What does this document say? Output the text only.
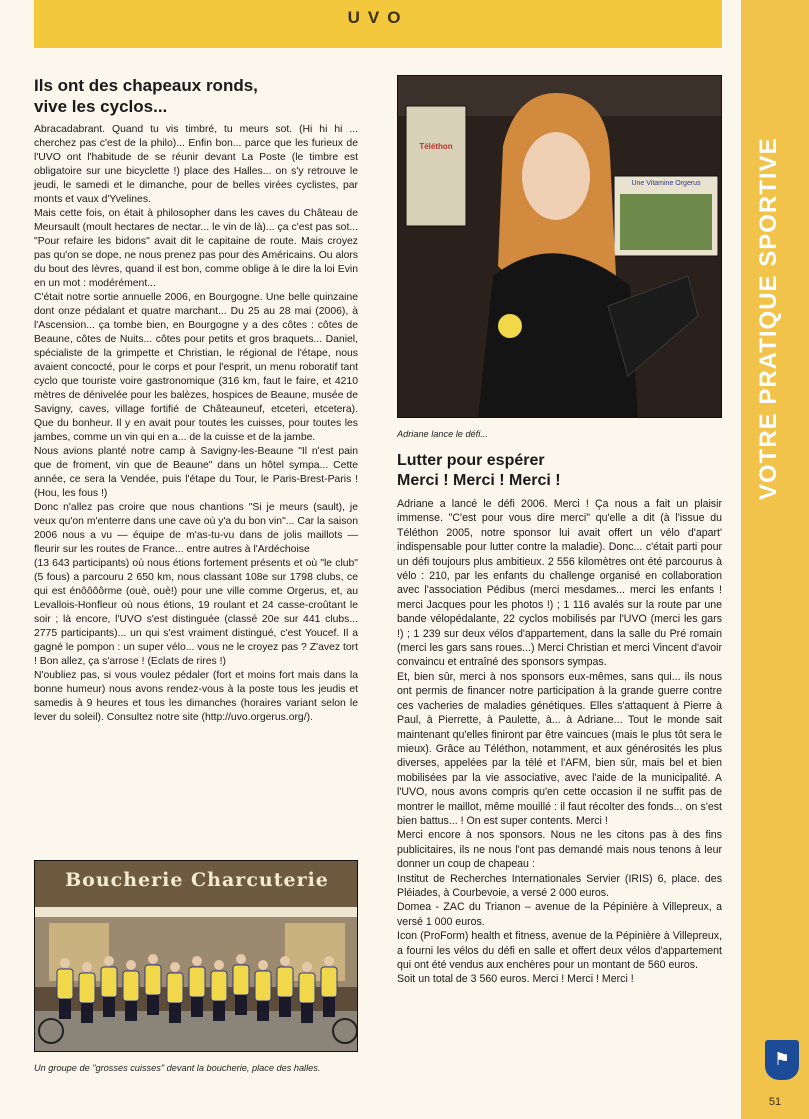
UVO
VOTRE PRATIQUE SPORTIVE
⚑
51
Ils ont des chapeaux ronds,
vive les cyclos...

Abracadabrant. Quand tu vis timbré, tu meurs sot. (Hi hi hi ... cherchez pas c'est de la philo)... Enfin bon... parce que les furieux de l'UVO ont l'habitude de se réunir devant La Poste (le timbre est obligatoire sur une bicyclette !) place des Halles... on s'y retrouve le jeudi, le samedi et le dimanche, pour de belles virées cyclistes, par monts et vaux d'Yvelines.

Mais cette fois, on était à philosopher dans les caves du Château de Meursault (moult hectares de nectar... le vin de là)... ça c'est pas sot... "Pour refaire les bidons" avait dit le capitaine de route. Mais croyez pas qu'on se dope, ne nous prenez pas pour des Américains. Ou alors du bout des lèvres, quand il est bon, comme oblige à le dire la loi Evin en un mot : modérément...

C'était notre sortie annuelle 2006, en Bourgogne. Une belle quinzaine dont onze pédalant et quatre marchant... Du 25 au 28 mai (2006), à l'Ascension... ça tombe bien, en Bourgogne y a des côtes : côtes de Beaune, côtes de Nuits... côtes pour petits et gros braquets... Daniel, spécialiste de la grimpette et Christian, le régional de l'étape, nous avaient concocté, pour le corps et pour l'esprit, un menu roboratif tant cyclo que touriste voire gastronomique (316 km, faut le faire, et 4210 mètres de dénivelée pour les balèzes, hospices de Beaune, musée de Savigny, caves, village fortifié de Châteauneuf, etceteri, etcetera). Que du bonheur. Il y en avait pour toutes les cuisses, pour toutes les jambes, comme un vin qui en a... de la cuisse et de la jambe.

Nous avions planté notre camp à Savigny-les-Beaune "Il n'est pain que de froment, vin que de Beaune" dans un hôtel sympa... Cette année, ce sera la Vendée, puis l'étape du Tour, le Paris-Brest-Paris ! (Hou, les fous !)

Donc n'allez pas croire que nous chantions "Si je meurs (sault), je veux qu'on m'enterre dans une cave où y'a du bon vin"... Car la saison 2006 nous a vu — équipe de m'as-tu-vu dans de jolis maillots — fleurir sur les routes de France... entre autres à l'Ardéchoise

(13 643 participants) où nous étions fortement présents et où "le club" (5 fous) a parcouru 2 650 km, nous classant 108e sur 1798 clubs, ce qui est énôôôôrme (ouè, ouè!) pour une ville comme Orgerus, et, au Levallois-Honfleur où nous étions, 19 roulant et 24 casse-croûtant le soir ; là encore, l'UVO s'est distinguée (classé 20e sur 441 clubs... 2775 participants)... un qui s'est vraiment distingué, c'est Youcef. Il a gagné le pompon : un super vélo... vous ne le croyez pas ? Z'avez tort ! Bon allez, ça s'arrose ! (Eclats de rires !)

N'oubliez pas, si vous voulez pédaler (fort et moins fort mais dans la bonne humeur) nous avons rendez-vous à la poste tous les jeudis et samedis à 9 heures et tous les dimanches (horaires variant selon le lever du soleil). Consultez notre site (http://uvo.orgerus.org/).

Boucherie Charcuterie
Un groupe de "grosses cuisses" devant la boucherie, place des halles.
Téléthon
Une Vitamine Orgerus
Adriane lance le défi...
Lutter pour espérer
Merci ! Merci ! Merci !

Adriane a lancé le défi 2006. Merci ! Ça nous a fait un plaisir immense. "C'est pour vous dire merci" qu'elle a dit (à l'issue du Téléthon 2005, notre sponsor lui avait offert un vélo d'apart' indispensable pour lutter contre la maladie). Donc... c'était parti pour un défi toujours plus ambitieux. 2 556 kilomètres ont été parcourus à vélo : 210, par les enfants du challenge organisé en collaboration avec l'association Pédibus (merci mesdames... merci les enfants ! merci Jacques pour les photos !) ; 1 116 avalés sur la route par une bande vélopédalante, 22 cyclos mobilisés par l'UVO (merci les gars !) ; 1 239 sur deux vélos d'appartement, dans la salle du Pré romain (merci les gars sans roues...) Merci Christian et merci Vincent d'avoir convaincu et entraîné des sponsors sympas.

Et, bien sûr, merci à nos sponsors eux-mêmes, sans qui... ils nous ont permis de financer notre participation à la grande guerre contre ces vacheries de maladies génétiques. Elles s'attaquent à Pierre à Paul, à Pierrette, à Paulette, à... à Adriane... Tout le monde sait maintenant qu'elles finiront par être vaincues (mais le plus tôt sera le mieux). Grâce au Téléthon, notamment, et aux générosités les plus diverses, appelées par la télé et l'AFM, bien sûr, mais bel et bien mobilisées par la vie associative, avec l'aide de la municipalité. A l'UVO, nous avons compris qu'en cette occasion il ne suffit pas de montrer le maillot, même mouillé : il faut récolter des fonds... on s'est bien battus... ! On est super contents. Merci !

Merci encore à nos sponsors. Nous ne les citons pas à des fins publicitaires, ils ne nous l'ont pas demandé mais nous tenons à leur donner un coup de chapeau :

Institut de Recherches Internationales Servier (IRIS) 6, place. des Pléiades, à Courbevoie, a versé 2 000 euros.

Domea - ZAC du Trianon – avenue de la Pépinière à Villepreux, a versé 1 000 euros.

Icon (ProForm) health et fitness, avenue de la Pépinière à Villepreux, a fourni les vélos du défi en salle et offert deux vélos d'appartement qui ont été vendus aux enchères pour un montant de 560 euros.

Soit un total de 3 560 euros. Merci ! Merci ! Merci !
